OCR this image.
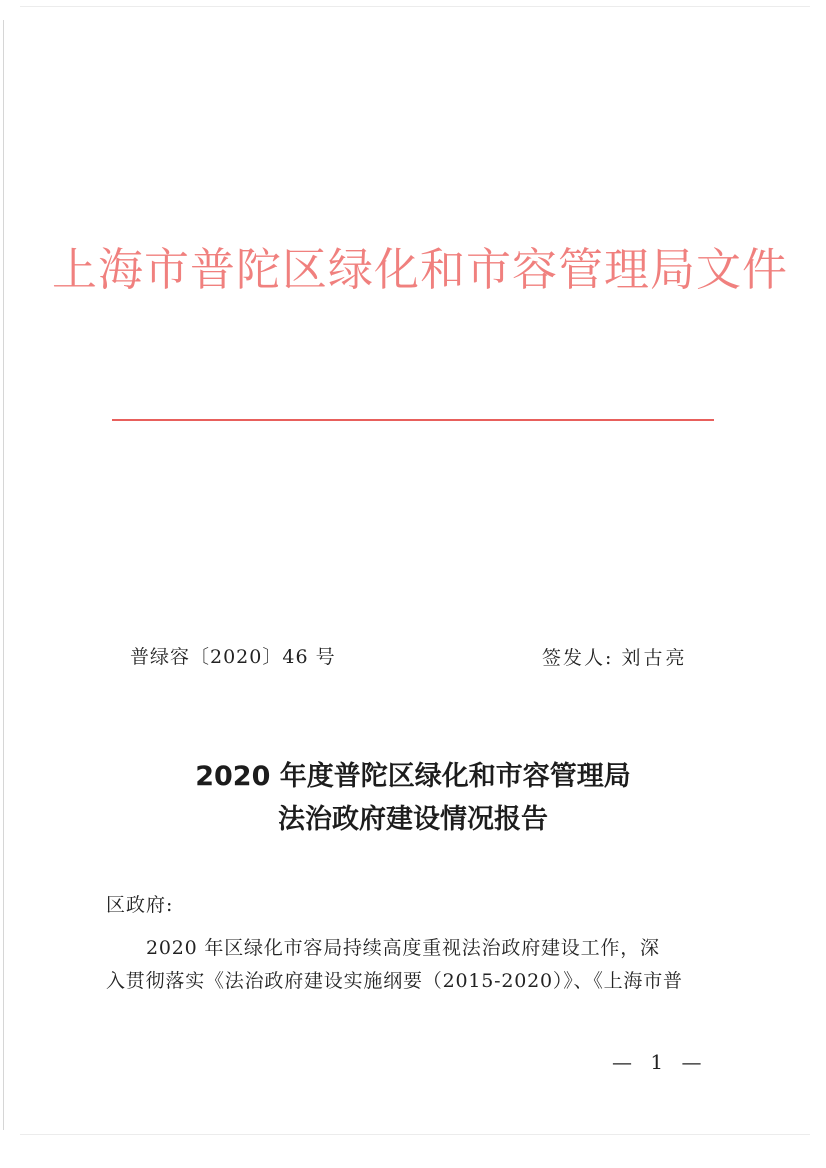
上海市普陀区绿化和市容管理局文件
普绿容〔2020〕46 号	签发人: 刘古亮
2020 年度普陀区绿化和市容管理局
法治政府建设情况报告
区政府:
2020 年区绿化市容局持续高度重视法治政府建设工作，深
入贯彻落实《法治政府建设实施纲要（2015-2020）》、《上海市普
— 1 —
